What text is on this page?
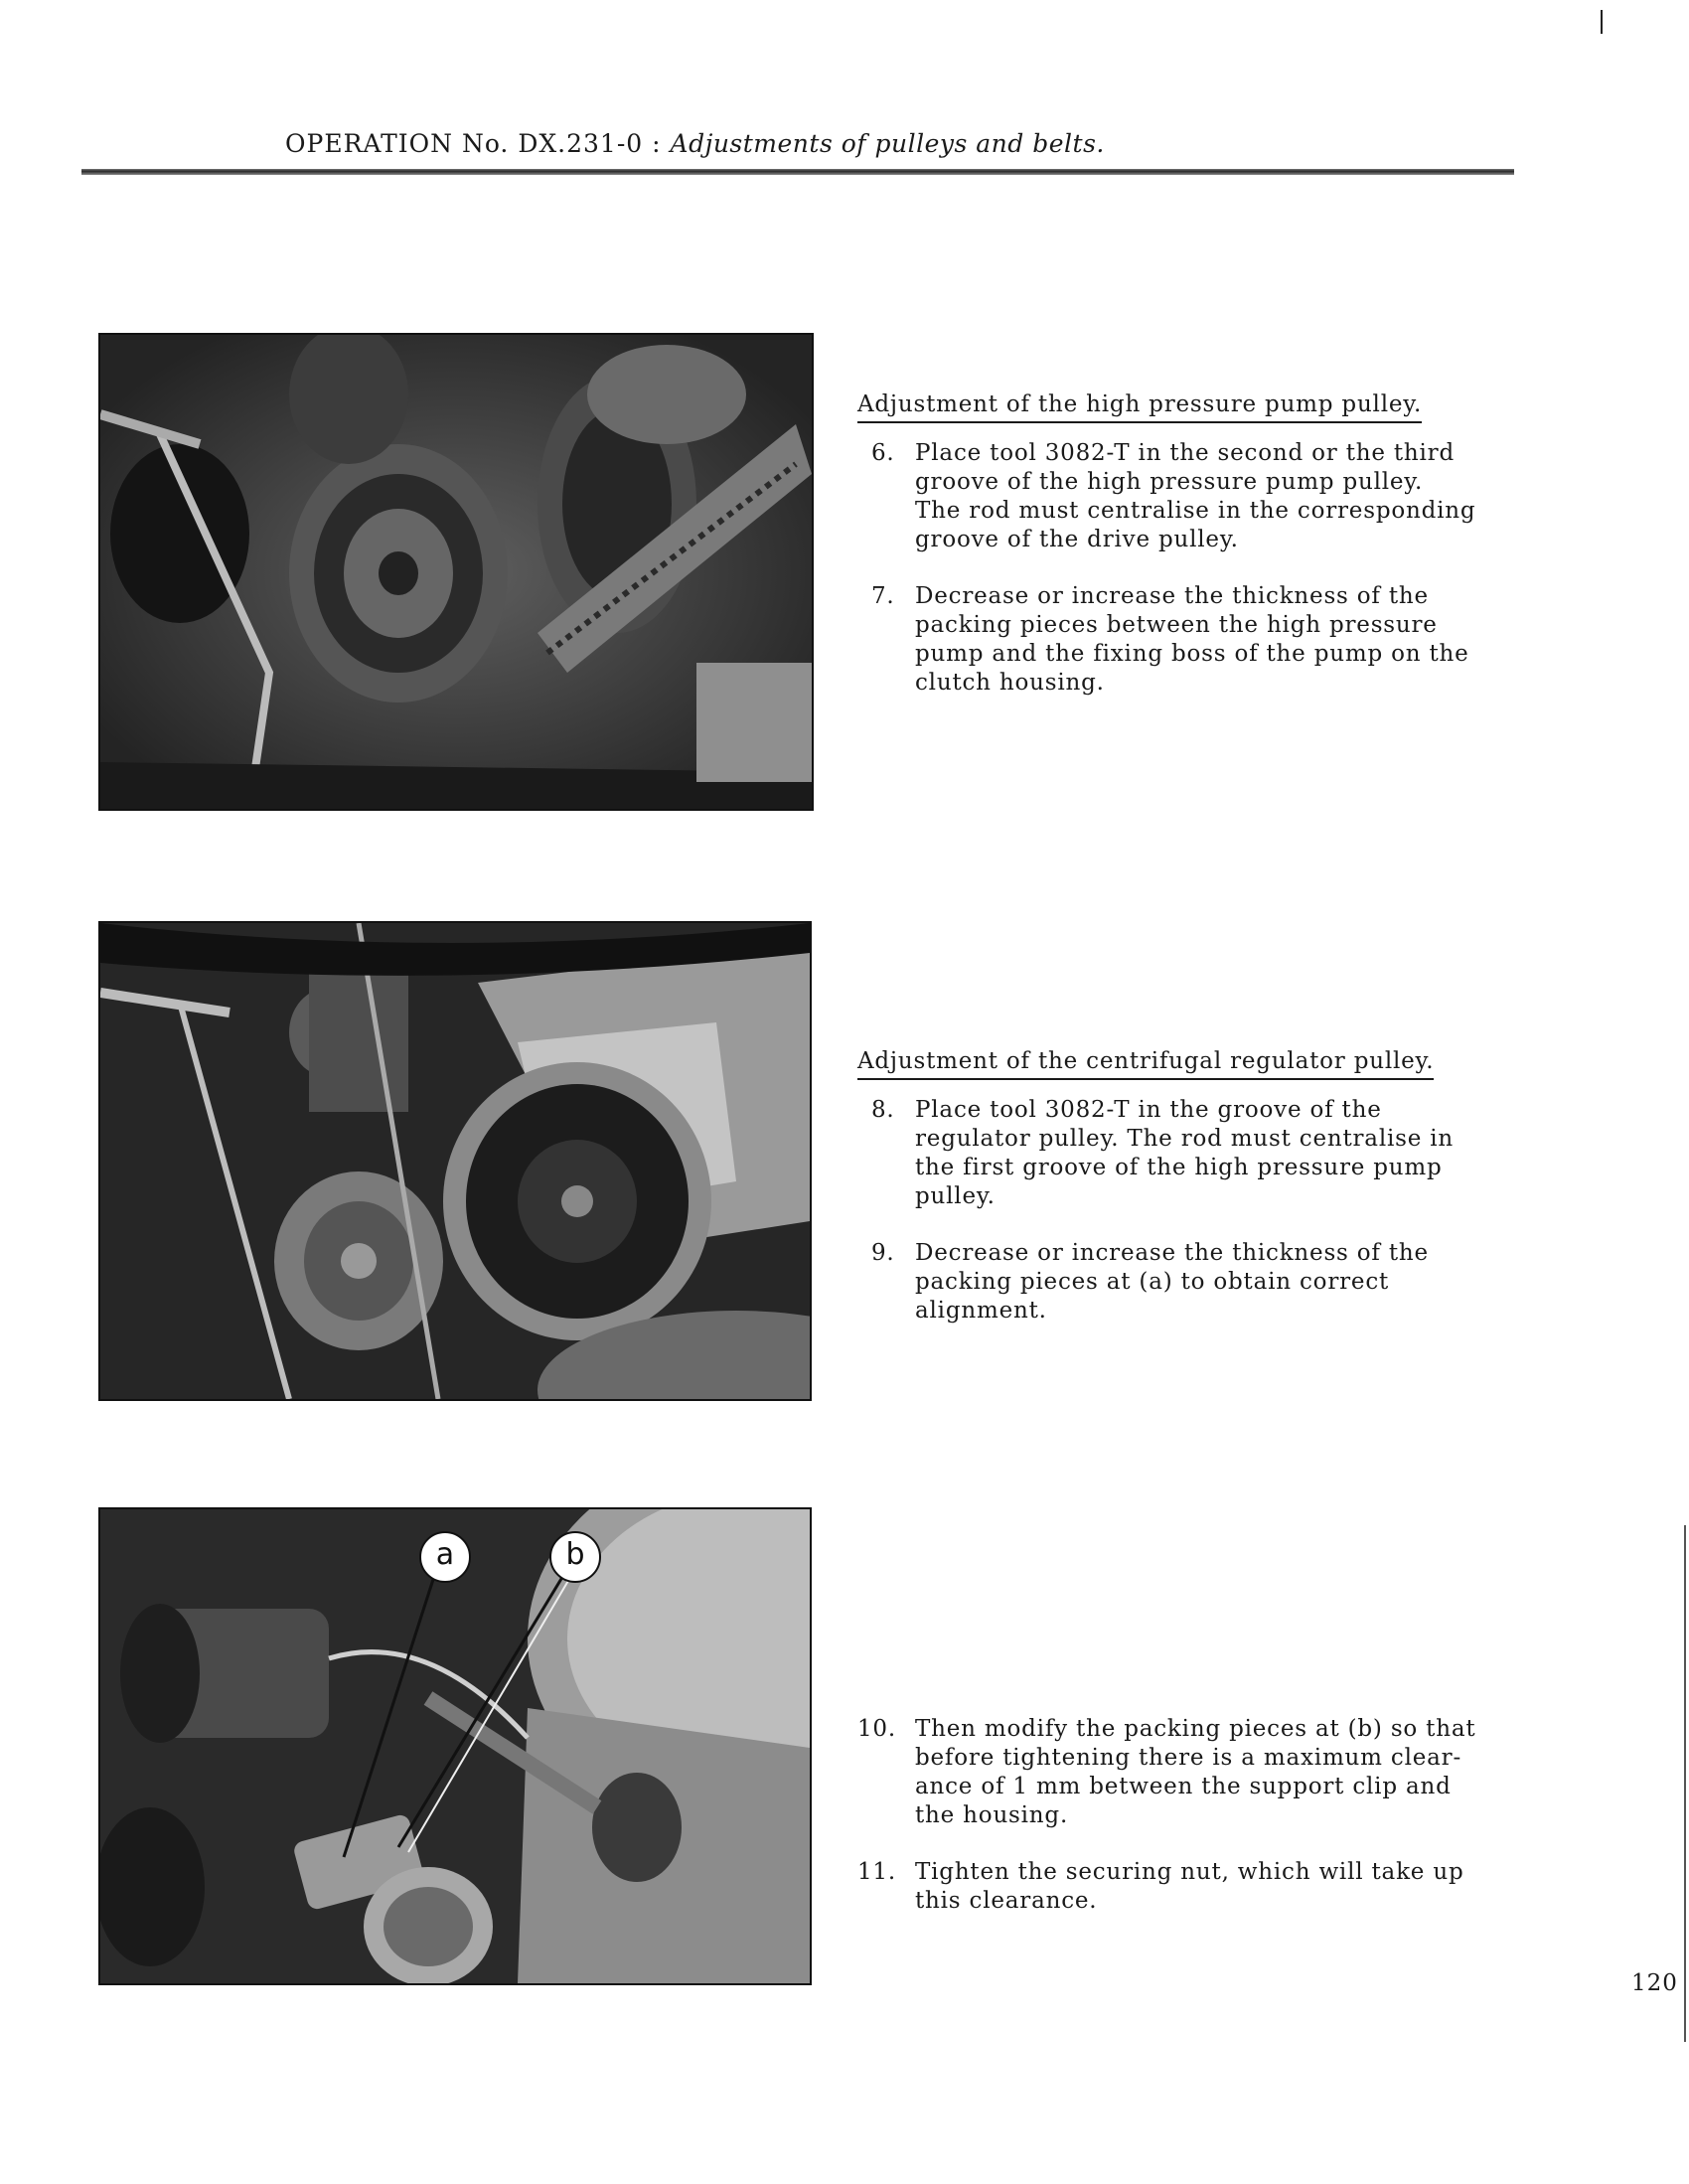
OPERATION No. DX.231-0 : Adjustments of pulleys and belts.
Adjustment of the high pressure pump pulley.
6. Place tool 3082-T in the second or the third
groove of the high pressure pump pulley.
The rod must centralise in the corresponding
groove of the drive pulley.
7. Decrease or increase the thickness of the
packing pieces between the high pressure
pump and the fixing boss of the pump on the
clutch housing.
Adjustment of the centrifugal regulator pulley.
8. Place tool 3082-T in the groove of the
regulator pulley. The rod must centralise in
the first groove of the high pressure pump
pulley.
9. Decrease or increase the thickness of the
packing pieces at (a) to obtain correct
alignment.
a	b
10. Then modify the packing pieces at (b) so that
before tightening there is a maximum clear-
ance of 1 mm between the support clip and
the housing.
11. Tighten the securing nut, which will take up
this clearance.
120
